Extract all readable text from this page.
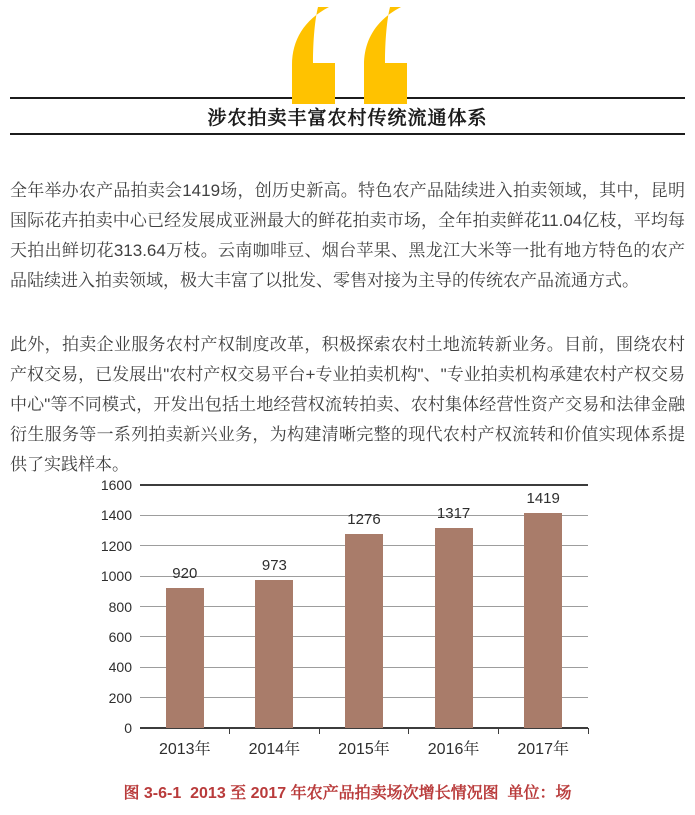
涉农拍卖丰富农村传统流通体系

全年举办农产品拍卖会1419场，创历史新高。特色农产品陆续进入拍卖领域，其中，昆明国际花卉拍卖中心已经发展成亚洲最大的鲜花拍卖市场，全年拍卖鲜花11.04亿枝，平均每天拍出鲜切花313.64万枝。云南咖啡豆、烟台苹果、黑龙江大米等一批有地方特色的农产品陆续进入拍卖领域，极大丰富了以批发、零售对接为主导的传统农产品流通方式。

此外，拍卖企业服务农村产权制度改革，积极探索农村土地流转新业务。目前，围绕农村产权交易，已发展出"农村产权交易平台+专业拍卖机构"、"专业拍卖机构承建农村产权交易中心"等不同模式，开发出包括土地经营权流转拍卖、农村集体经营性资产交易和法律金融衍生服务等一系列拍卖新兴业务，为构建清晰完整的现代农村产权流转和价值实现体系提供了实践样本。

920	973
1276	1317
1419
0
200
400
600
800
1000
1200
1400
1600
2013年	2014年	2015年	2016年	2017年
图 3-6-1  2013 至 2017 年农产品拍卖场次增长情况图  单位：场
